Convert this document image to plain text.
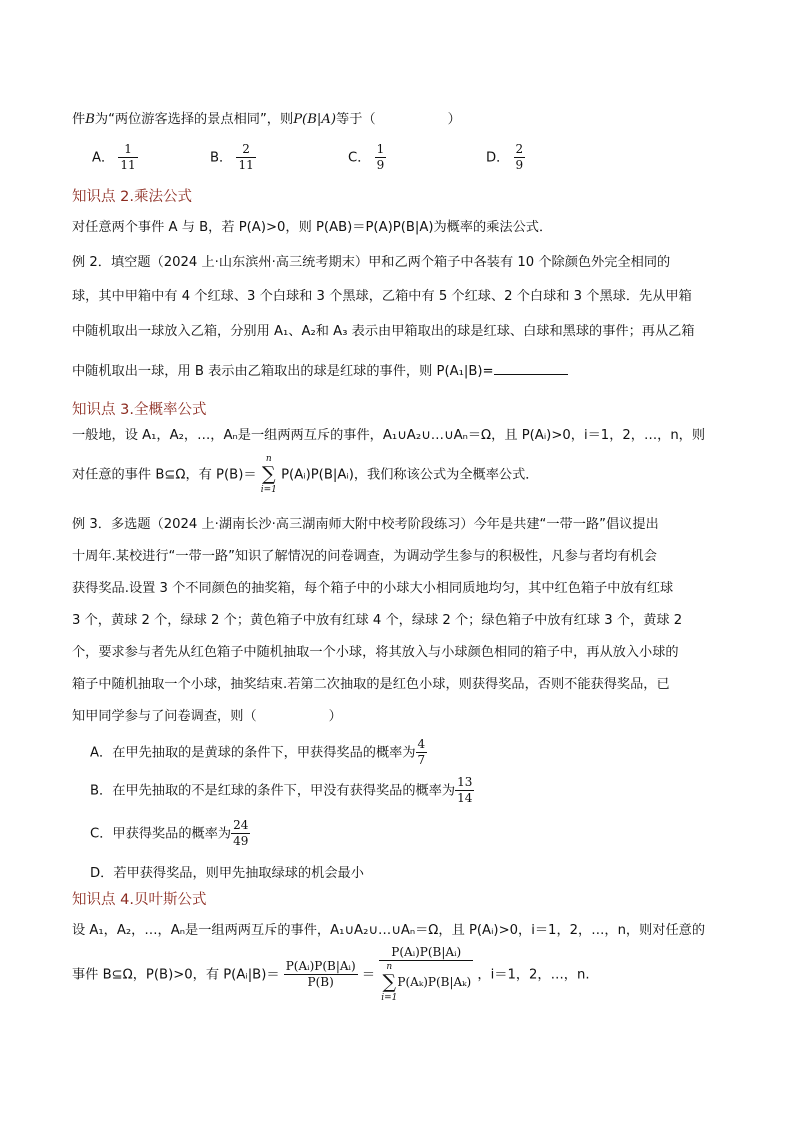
件B为“两位游客选择的景点相同”，则P(B|A)等于（	）
A． $\frac{1}{11}$	B． $\frac{2}{11}$	C． $\frac{1}{9}$	D． $\frac{2}{9}$
知识点 2.乘法公式
对任意两个事件 A 与 B，若 P(A)>0，则 P(AB)＝P(A)P(B|A)为概率的乘法公式．
例 2．填空题（2024 上·山东滨州·高三统考期末）甲和乙两个箱子中各装有 10 个除颜色外完全相同的
球，其中甲箱中有 4 个红球、3 个白球和 3 个黑球，乙箱中有 5 个红球、2 个白球和 3 个黑球．先从甲箱
中随机取出一球放入乙箱，分别用 A₁、A₂和 A₃ 表示由甲箱取出的球是红球、白球和黑球的事件；再从乙箱
中随机取出一球，用 B 表示由乙箱取出的球是红球的事件，则 P(A₁|B)=
知识点 3.全概率公式
一般地，设 A₁，A₂，…，Aₙ是一组两两互斥的事件，A₁∪A₂∪…∪Aₙ＝Ω，且 P(Aᵢ)>0，i＝1，2，…，n，则
对任意的事件 B⊆Ω，有 P(B)＝
n
∑
i=1
P(Aᵢ)P(B|Aᵢ)，我们称该公式为全概率公式．
例 3．多选题（2024 上·湖南长沙·高三湖南师大附中校考阶段练习）今年是共建“一带一路”倡议提出
十周年.某校进行“一带一路”知识了解情况的问卷调查，为调动学生参与的积极性，凡参与者均有机会
获得奖品.设置 3 个不同颜色的抽奖箱，每个箱子中的小球大小相同质地均匀，其中红色箱子中放有红球
3 个，黄球 2 个，绿球 2 个；黄色箱子中放有红球 4 个，绿球 2 个；绿色箱子中放有红球 3 个，黄球 2
个，要求参与者先从红色箱子中随机抽取一个小球，将其放入与小球颜色相同的箱子中，再从放入小球的
箱子中随机抽取一个小球，抽奖结束.若第二次抽取的是红色小球，则获得奖品，否则不能获得奖品，已
知甲同学参与了问卷调查，则（	）
A．在甲先抽取的是黄球的条件下，甲获得奖品的概率为 $\frac{4}{7}$
B．在甲先抽取的不是红球的条件下，甲没有获得奖品的概率为 $\frac{13}{14}$
C．甲获得奖品的概率为 $\frac{24}{49}$
D．若甲获得奖品，则甲先抽取绿球的机会最小
知识点 4.贝叶斯公式
设 A₁，A₂，…，Aₙ是一组两两互斥的事件，A₁∪A₂∪…∪Aₙ＝Ω，且 P(Aᵢ)>0，i＝1，2，…，n，则对任意的
事件 B⊆Ω，P(B)>0，有 P(Aᵢ|B)＝ $\frac{\text{P(Aᵢ)P(B|Aᵢ)}}{P(B)}$ ＝ P(Aᵢ)P(B|Aᵢ)
n
∑
i=1
P(Aₖ)P(B|Aₖ) ，i＝1，2，…，n.
